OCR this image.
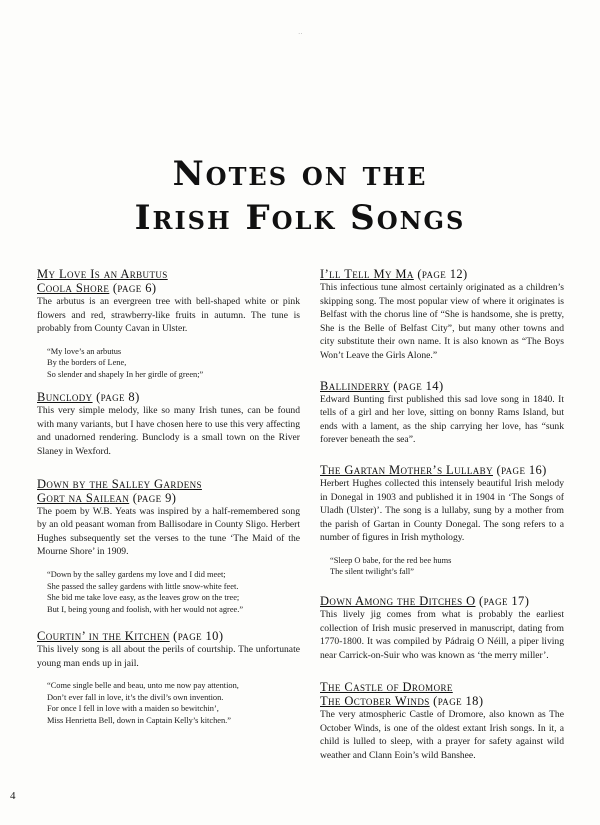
··
Notes on the
Irish Folk Songs
My Love Is an Arbutus
Coola Shore (page 6)

The arbutus is an evergreen tree with bell-shaped white or pink flowers and red, strawberry-like fruits in autumn. The tune is probably from County Cavan in Ulster.

“My love’s an arbutus
By the borders of Lene,
So slender and shapely In her girdle of green;”
Bunclody (page 8)

This very simple melody, like so many Irish tunes, can be found with many variants, but I have chosen here to use this very affecting and unadorned rendering. Bunclody is a small town on the River Slaney in Wexford.

Down by the Salley Gardens
Gort na Sailean (page 9)

The poem by W.B. Yeats was inspired by a half-remembered song by an old peasant woman from Ballisodare in County Sligo. Herbert Hughes subsequently set the verses to the tune ‘The Maid of the Mourne Shore’ in 1909.

“Down by the salley gardens my love and I did meet;
She passed the salley gardens with little snow-white feet.
She bid me take love easy, as the leaves grow on the tree;
But I, being young and foolish, with her would not agree.”
Courtin’ in the Kitchen (page 10)

This lively song is all about the perils of courtship. The unfortunate young man ends up in jail.

“Come single belle and beau, unto me now pay attention,
Don’t ever fall in love, it’s the divil’s own invention.
For once I fell in love with a maiden so bewitchin’,
Miss Henrietta Bell, down in Captain Kelly’s kitchen.”
I’ll Tell My Ma (page 12)

This infectious tune almost certainly originated as a children’s skipping song. The most popular view of where it originates is Belfast with the chorus line of “She is handsome, she is pretty, She is the Belle of Belfast City”, but many other towns and city substitute their own name. It is also known as “The Boys Won’t Leave the Girls Alone.”

Ballinderry (page 14)

Edward Bunting first published this sad love song in 1840. It tells of a girl and her love, sitting on bonny Rams Island, but ends with a lament, as the ship carrying her love, has “sunk forever beneath the sea”.

The Gartan Mother’s Lullaby (page 16)

Herbert Hughes collected this intensely beautiful Irish melody in Donegal in 1903 and published it in 1904 in ‘The Songs of Uladh (Ulster)’. The song is a lullaby, sung by a mother from the parish of Gartan in County Donegal. The song refers to a number of figures in Irish mythology.

“Sleep O babe, for the red bee hums
The silent twilight’s fall”
Down Among the Ditches O (page 17)

This lively jig comes from what is probably the earliest collection of Irish music preserved in manuscript, dating from 1770-1800. It was compiled by Pádraig O Néill, a piper living near Carrick-on-Suir who was known as ‘the merry miller’.

The Castle of Dromore
The October Winds (page 18)

The very atmospheric Castle of Dromore, also known as The October Winds, is one of the oldest extant Irish songs. In it, a child is lulled to sleep, with a prayer for safety against wild weather and Clann Eoin’s wild Banshee.

4
